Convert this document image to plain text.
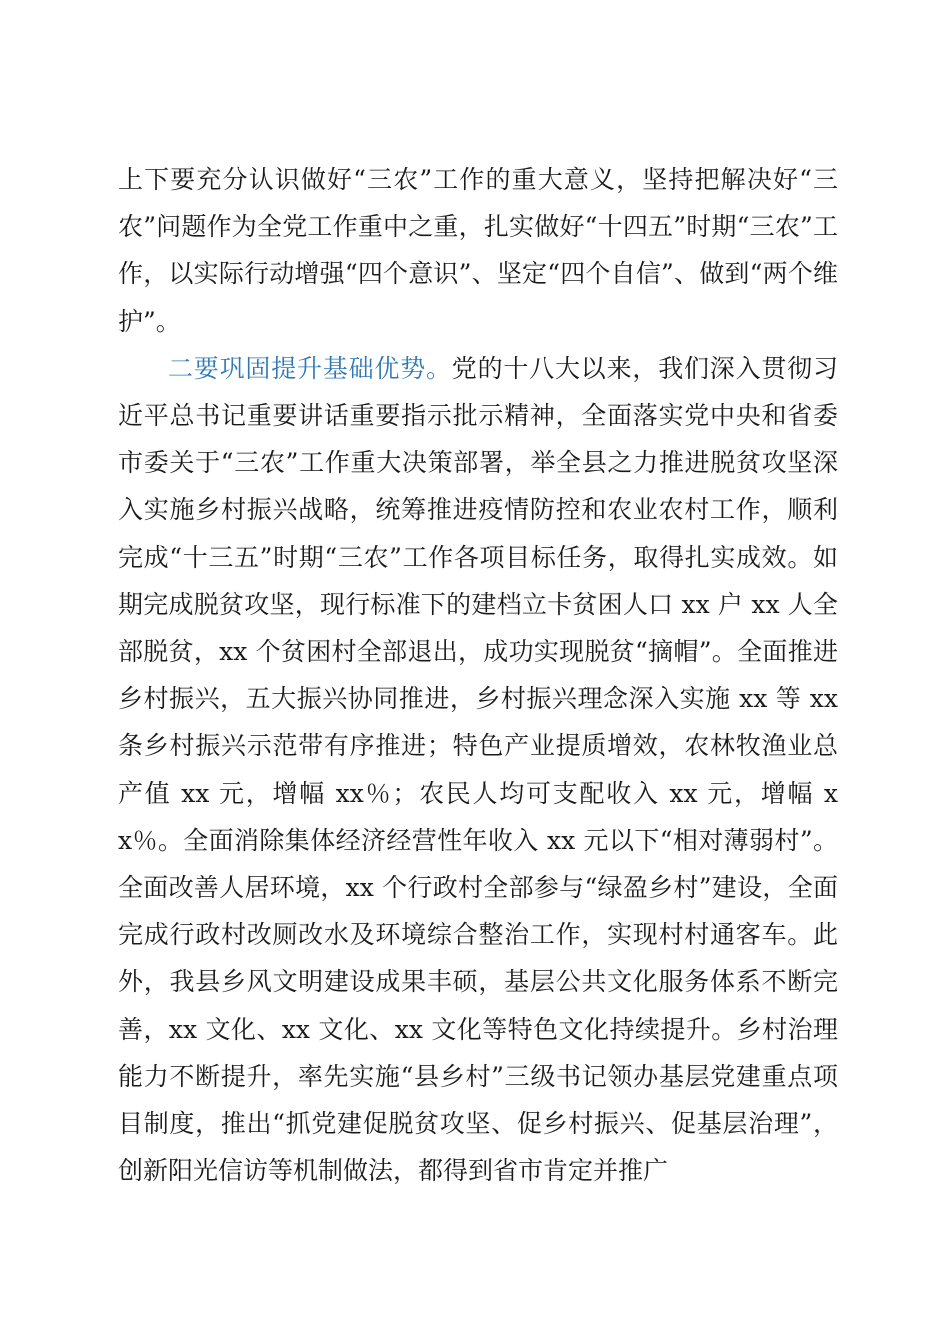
上下要充分认识做好“三农”工作的重大意义，坚持把解决好“三农”问题作为全党工作重中之重，扎实做好“十四五”时期“三农”工作，以实际行动增强“四个意识”、坚定“四个自信”、做到“两个维护”。

二要巩固提升基础优势。党的十八大以来，我们深入贯彻习近平总书记重要讲话重要指示批示精神，全面落实党中央和省委市委关于“三农”工作重大决策部署，举全县之力推进脱贫攻坚深入实施乡村振兴战略，统筹推进疫情防控和农业农村工作，顺利完成“十三五”时期“三农”工作各项目标任务，取得扎实成效。如期完成脱贫攻坚，现行标准下的建档立卡贫困人口 xx 户 xx 人全部脱贫，xx 个贫困村全部退出，成功实现脱贫“摘帽”。全面推进乡村振兴，五大振兴协同推进，乡村振兴理念深入实施 xx 等 xx 条乡村振兴示范带有序推进；特色产业提质增效，农林牧渔业总产值 xx 元，增幅 xx％；农民人均可支配收入 xx 元，增幅 xx％。全面消除集体经济经营性年收入 xx 元以下“相对薄弱村”。全面改善人居环境，xx 个行政村全部参与“绿盈乡村”建设，全面完成行政村改厕改水及环境综合整治工作，实现村村通客车。此外，我县乡风文明建设成果丰硕，基层公共文化服务体系不断完善，xx 文化、xx 文化、xx 文化等特色文化持续提升。乡村治理能力不断提升，率先实施“县乡村”三级书记领办基层党建重点项目制度，推出“抓党建促脱贫攻坚、促乡村振兴、促基层治理”，创新阳光信访等机制做法，都得到省市肯定并推广
